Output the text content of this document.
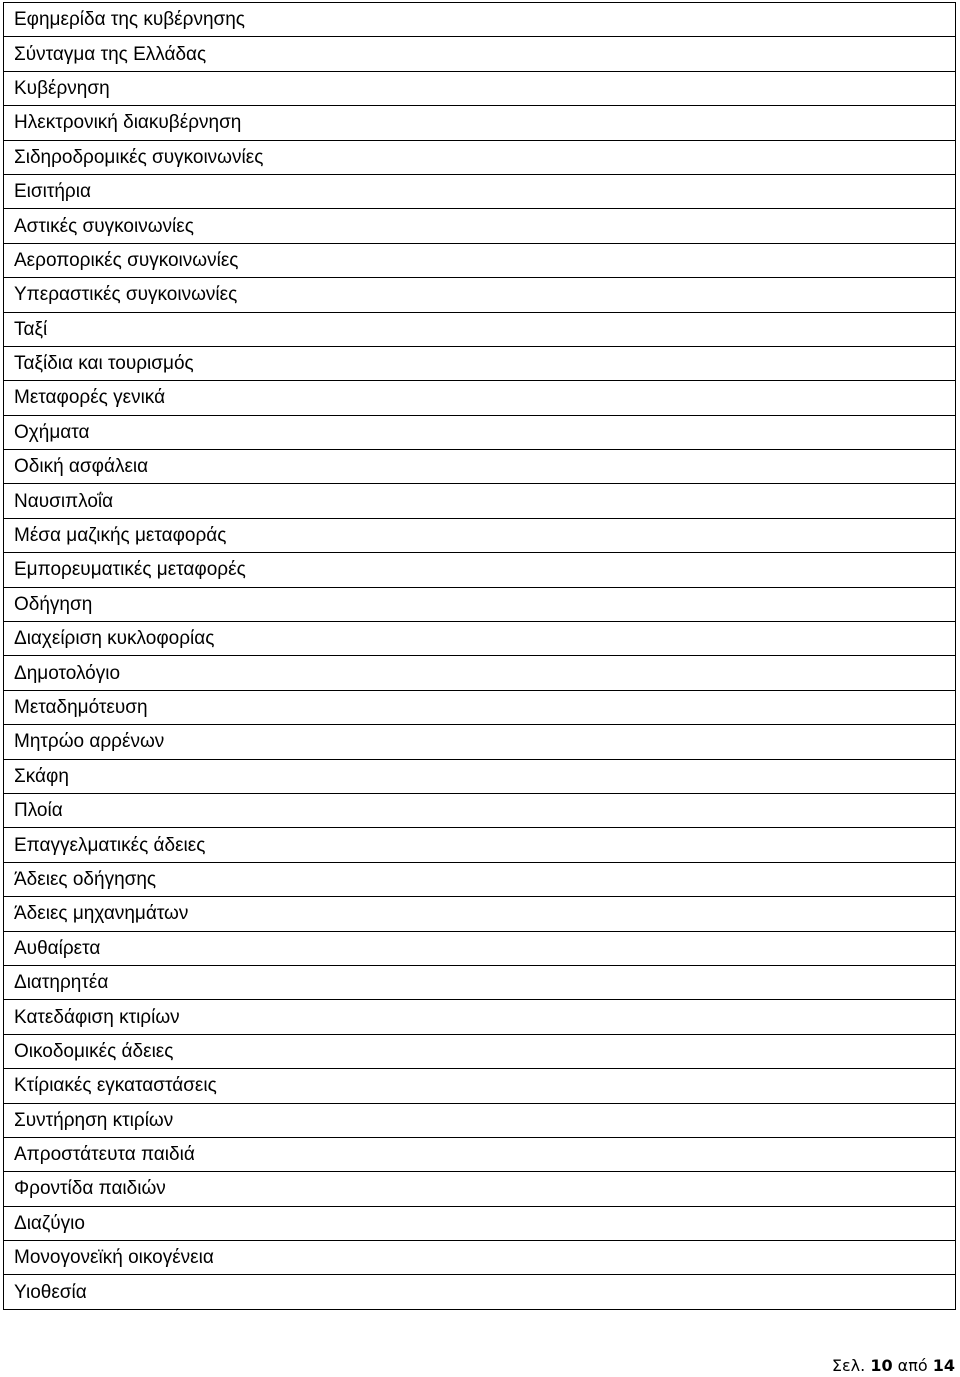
Εφημερίδα της κυβέρνησης
Σύνταγμα της Ελλάδας
Κυβέρνηση
Ηλεκτρονική διακυβέρνηση
Σιδηροδρομικές συγκοινωνίες
Εισιτήρια
Αστικές συγκοινωνίες
Αεροπορικές συγκοινωνίες
Υπεραστικές συγκοινωνίες
Ταξί
Ταξίδια και τουρισμός
Μεταφορές γενικά
Οχήματα
Οδική ασφάλεια
Ναυσιπλοΐα
Μέσα μαζικής μεταφοράς
Εμπορευματικές μεταφορές
Οδήγηση
Διαχείριση κυκλοφορίας
Δημοτολόγιο
Μεταδημότευση
Μητρώο αρρένων
Σκάφη
Πλοία
Επαγγελματικές άδειες
Άδειες οδήγησης
Άδειες μηχανημάτων
Αυθαίρετα
Διατηρητέα
Κατεδάφιση κτιρίων
Οικοδομικές άδειες
Κτίριακές εγκαταστάσεις
Συντήρηση κτιρίων
Απροστάτευτα παιδιά
Φροντίδα παιδιών
Διαζύγιο
Μονογονεϊκή οικογένεια
Υιοθεσία
Σελ. 10 από 14
